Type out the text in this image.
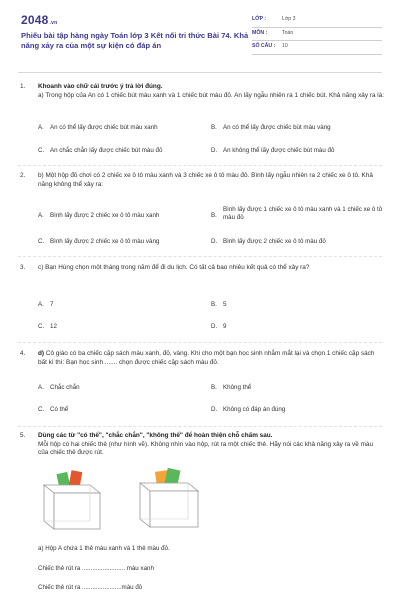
2048.vn
Phiếu bài tập hàng ngày Toán lớp 3 Kết nối tri thức Bài 74. Khả năng xảy ra của một sự kiện có đáp án
LỚP :	Lớp 3
MÔN :	Toán
SỐ CÂU : 10
1. Khoanh vào chữ cái trước ý trả lời đúng.
a) Trong hộp của An có 1 chiếc bút màu xanh và 1 chiếc bút màu đỏ. An lấy ngẫu nhiên ra 1 chiếc bút. Khả năng xảy ra là:
A. An có thể lấy được chiếc bút màu xanh	B. An có thể lấy được chiếc bút màu vàng
C. An chắc chắn lấy được chiếc bút màu đỏ	D. An không thể lấy được chiếc bút màu đỏ
2. b) Một hộp đồ chơi có 2 chiếc xe ô tô màu xanh và 3 chiếc xe ô tô màu đỏ. Bình lấy ngẫu nhiên ra 2 chiếc xe ô tô. Khả năng không thể xảy ra:
A. Bình lấy được 2 chiếc xe ô tô màu xanh	B.
Bình lấy được 1 chiếc xe ô tô màu xanh và 1 chiếc xe ô tô màu đỏ
C. Bình lấy được 2 chiếc xe ô tô màu vàng	D. Bình lấy được 2 chiếc xe ô tô màu đỏ
3. c) Bạn Hùng chọn một tháng trong năm để đi du lịch. Có tất cả bao nhiêu kết quả có thể xảy ra?
A. 7	B. 5
C. 12	D. 9
4. d) Cô giáo có ba chiếc cặp sách màu xanh, đỏ, vàng. Khi cho một bạn học sinh nhắm mắt lại và chọn 1 chiếc cặp sách bất kì thì: Bạn học sinh ....... chọn được chiếc cặp sách màu đỏ.
A. Chắc chắn	B. Không thể
C. Có thể	D. Không có đáp án đúng
5. Dùng các từ "có thể", "chắc chắn", "không thể" để hoàn thiện chỗ chấm sau.
Mỗi hộp có hai chiếc thẻ (như hình vẽ). Không nhìn vào hộp, rút ra một chiếc thẻ. Hãy nói các khả năng xảy ra về màu của chiếc thẻ được rút.
a) Hộp A chứa 1 thẻ màu xanh và 1 thẻ màu đỏ.
Chiếc thẻ rút ra ......................... màu xanh
Chiếc thẻ rút ra .......................màu đỏ
